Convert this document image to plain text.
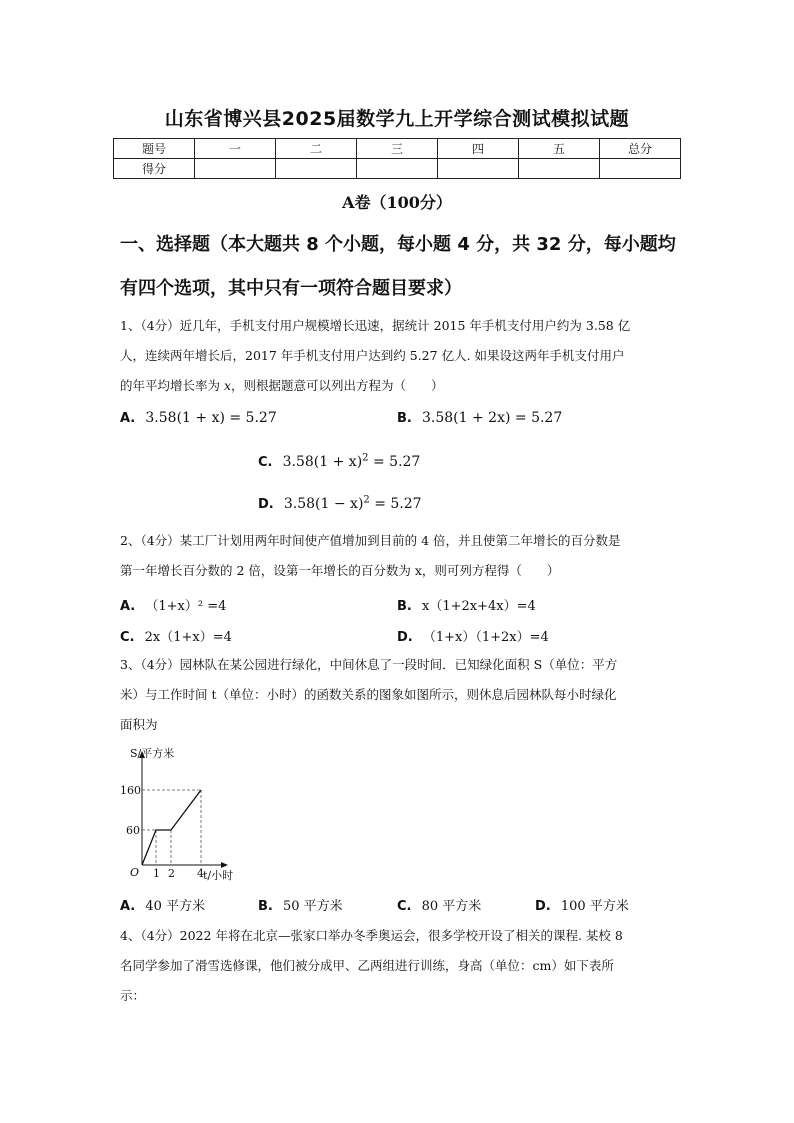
山东省博兴县2025届数学九上开学综合测试模拟试题
题号	一	二	三	四	五	总分
得分						
A卷（100分）
一、选择题（本大题共 8 个小题，每小题 4 分，共 32 分，每小题均
有四个选项，其中只有一项符合题目要求）
1、（4分）近几年，手机支付用户规模增长迅速，据统计 2015 年手机支付用户约为 3.58 亿
人，连续两年增长后，2017 年手机支付用户达到约 5.27 亿人. 如果设这两年手机支付用户
的年平均增长率为 x，则根据题意可以列出方程为（　　）
A. 3.58(1 + x) = 5.27	B. 3.58(1 + 2x) = 5.27
C. $3.58(1 + x)^2 = 5.27$
D. $3.58(1 - x)^2 = 5.27$
2、（4分）某工厂计划用两年时间使产值增加到目前的 4 倍，并且使第二年增长的百分数是
第一年增长百分数的 2 倍，设第一年增长的百分数为 x，则可列方程得（　　）
A. （1+x）² =4	B. x（1+2x+4x）=4
C. 2x（1+x）=4	D. （1+x）（1+2x）=4
3、（4分）园林队在某公园进行绿化，中间休息了一段时间．已知绿化面积 S（单位：平方
米）与工作时间 t（单位：小时）的函数关系的图象如图所示，则休息后园林队每小时绿化
面积为
S/平方米
t/小时
O
160
60
1 2 4
A. 40 平方米	B. 50 平方米	C. 80 平方米	D. 100 平方米
4、（4分）2022 年将在北京—张家口举办冬季奥运会，很多学校开设了相关的课程. 某校 8
名同学参加了滑雪选修课，他们被分成甲、乙两组进行训练，身高（单位：cm）如下表所
示：
